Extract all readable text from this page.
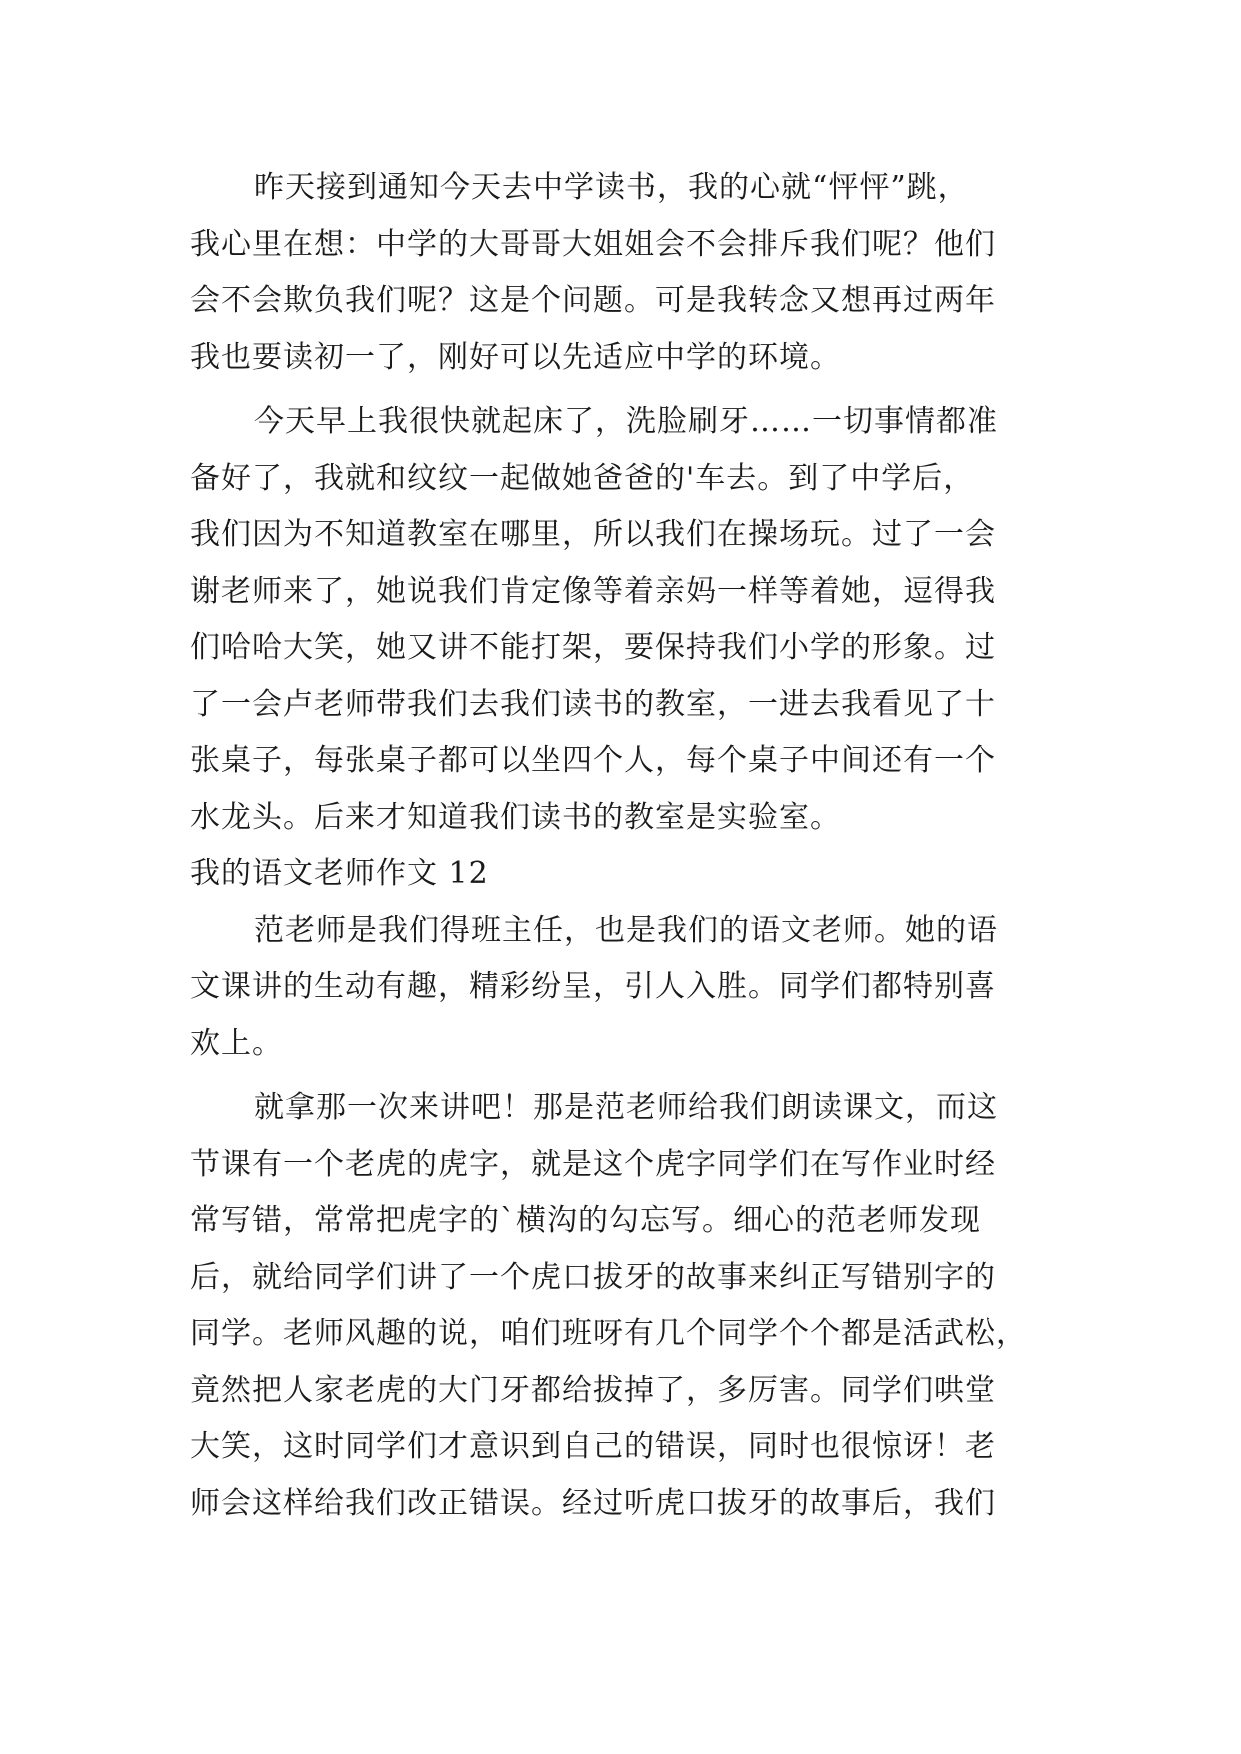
昨天接到通知今天去中学读书，我的心就“怦怦”跳，
我心里在想：中学的大哥哥大姐姐会不会排斥我们呢？他们
会不会欺负我们呢？这是个问题。可是我转念又想再过两年
我也要读初一了，刚好可以先适应中学的环境。
今天早上我很快就起床了，洗脸刷牙……一切事情都准
备好了，我就和纹纹一起做她爸爸的'车去。到了中学后，
我们因为不知道教室在哪里，所以我们在操场玩。过了一会
谢老师来了，她说我们肯定像等着亲妈一样等着她，逗得我
们哈哈大笑，她又讲不能打架，要保持我们小学的形象。过
了一会卢老师带我们去我们读书的教室，一进去我看见了十
张桌子，每张桌子都可以坐四个人，每个桌子中间还有一个
水龙头。后来才知道我们读书的教室是实验室。
我的语文老师作文 12
范老师是我们得班主任，也是我们的语文老师。她的语
文课讲的生动有趣，精彩纷呈，引人入胜。同学们都特别喜
欢上。
就拿那一次来讲吧！那是范老师给我们朗读课文，而这
节课有一个老虎的虎字，就是这个虎字同学们在写作业时经
常写错，常常把虎字的`横沟的勾忘写。细心的范老师发现
后，就给同学们讲了一个虎口拔牙的故事来纠正写错别字的
同学。老师风趣的说，咱们班呀有几个同学个个都是活武松，
竟然把人家老虎的大门牙都给拔掉了，多厉害。同学们哄堂
大笑，这时同学们才意识到自己的错误，同时也很惊讶！老
师会这样给我们改正错误。经过听虎口拔牙的故事后，我们
